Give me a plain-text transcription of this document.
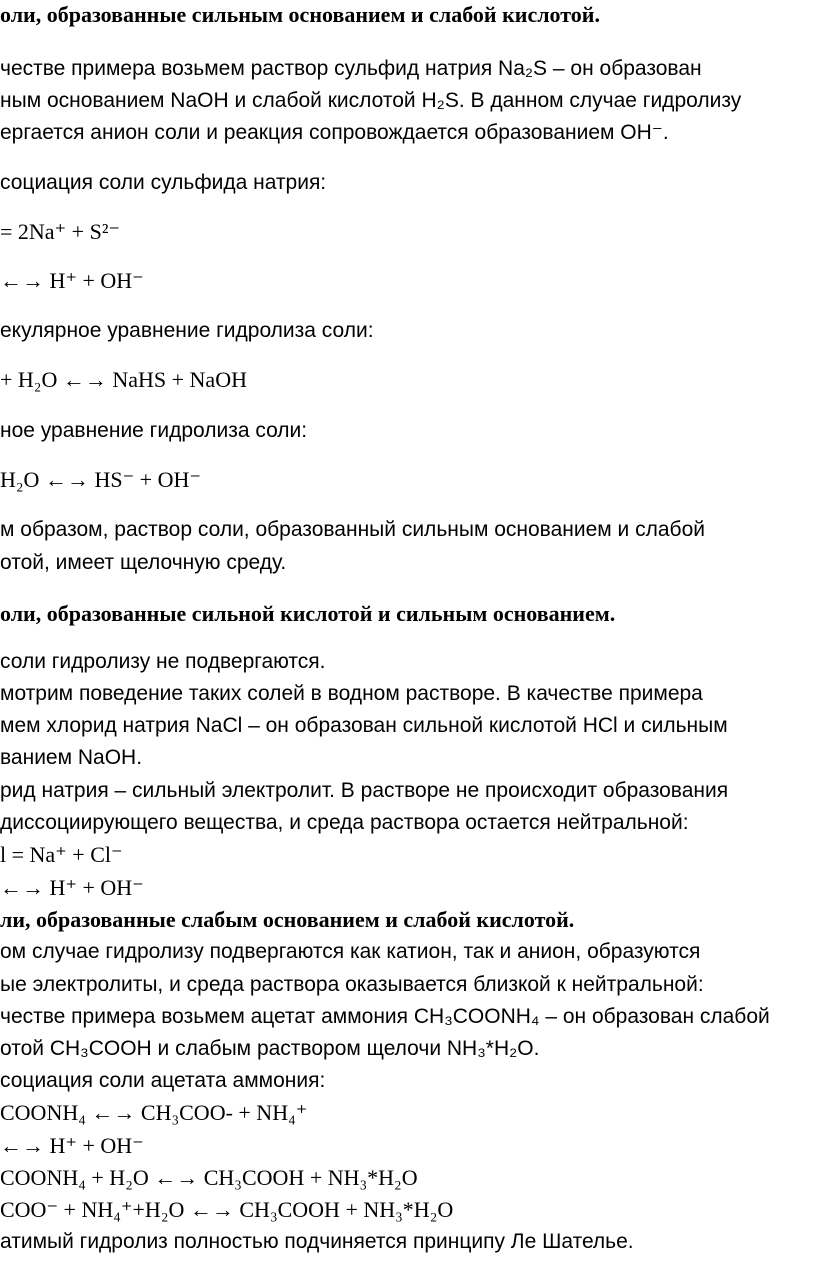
оли, образованные сильным основанием и слабой кислотой.
честве примера возьмем раствор сульфид натрия Na₂S – он образован
ным основанием NaOH и слабой кислотой H₂S. В данном случае гидролизу
ергается анион соли и реакция сопровождается образованием OH⁻.
социация соли сульфида натрия:
= 2Na⁺ + S²⁻
←→ H⁺ + OH⁻
екулярное уравнение гидролиза соли:
+ H₂O ←→ NaHS + NaOH
ное уравнение гидролиза соли:
H₂O ←→ HS⁻ + OH⁻
м образом, раствор соли, образованный сильным основанием и слабой
отой, имеет щелочную среду.
оли, образованные сильной кислотой и сильным основанием.
соли гидролизу не подвергаются.
мотрим поведение таких солей в водном растворе. В качестве примера
мем хлорид натрия NaCl – он образован сильной кислотой HCl и сильным
ванием NaOH.
рид натрия – сильный электролит. В растворе не происходит образования
диссоциирующего вещества, и среда раствора остается нейтральной:
l = Na⁺ + Cl⁻
←→ H⁺ + OH⁻
ли, образованные слабым основанием и слабой кислотой.
ом случае гидролизу подвергаются как катион, так и анион, образуются
ые электролиты, и среда раствора оказывается близкой к нейтральной:
честве примера возьмем ацетат аммония CH₃COONH₄ – он образован слабой
отой CH₃COOH и слабым раствором щелочи NH₃*H₂O.
социация соли ацетата аммония:
COONH₄ ←→ CH₃COO- + NH₄⁺
←→ H⁺ + OH⁻
COONH₄ + H₂O ←→ CH₃COOH + NH₃*H₂O
COO⁻ + NH₄⁺+H₂O ←→ CH₃COOH + NH₃*H₂O
атимый гидролиз полностью подчиняется принципу Ле Шателье.
